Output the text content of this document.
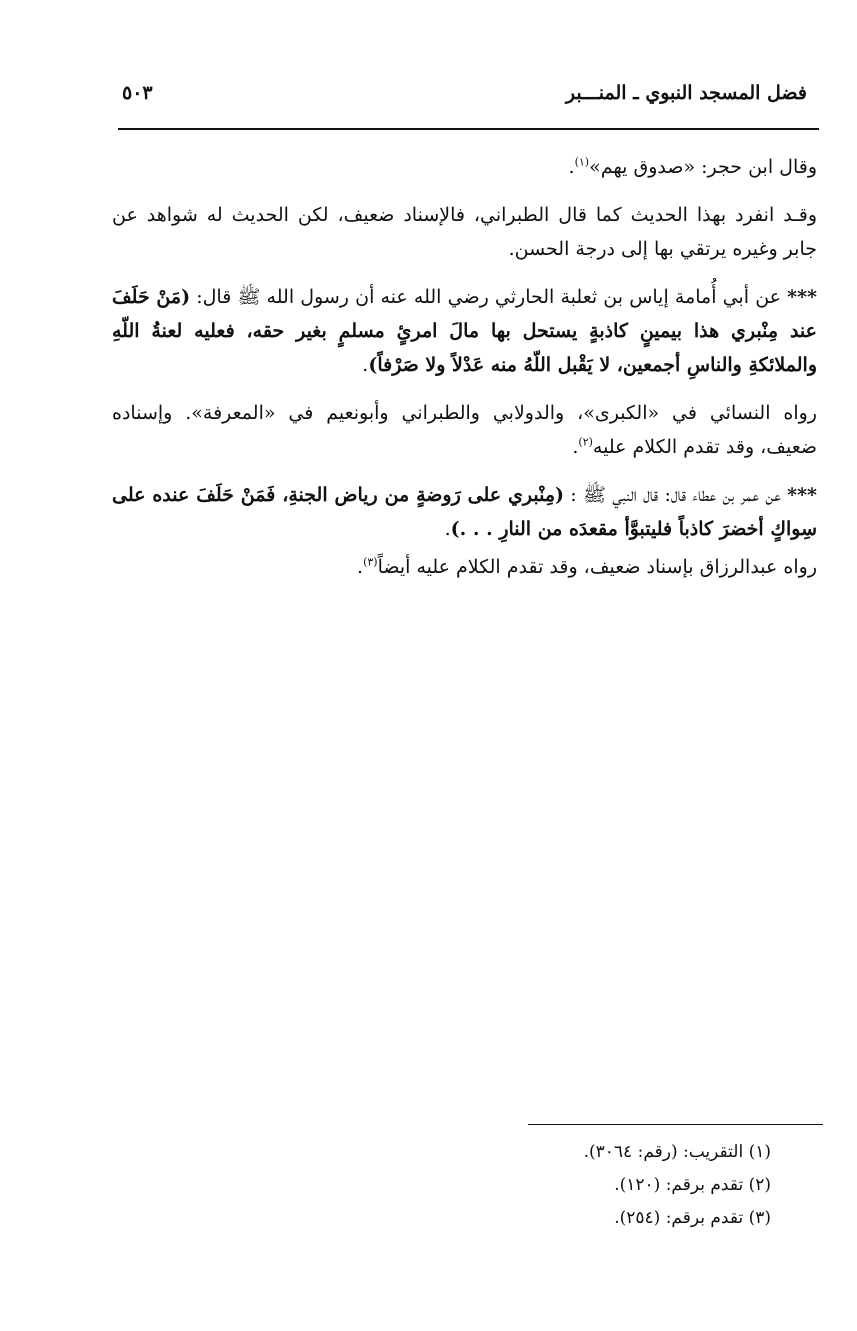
فضل المسجد النبوي ـ المنـــبر
٥٠٣

وقال ابن حجر: «صدوق يهم»$^{(١)}$.

وقـد انفرد بهذا الحديث كما قال الطبراني، فالإسناد ضعيف، لكن الحديث له شواهد عن جابر وغيره يرتقي بها إلى درجة الحسن.

*** عن أبي أُمامة إياس بن ثعلبة الحارثي رضي الله عنه أن رسول الله ﷺ قال: (مَنْ حَلَفَ عند مِنْبري هذا بيمينٍ كاذبةٍ يستحل بها مالَ امرئٍ مسلمٍ بغير حقه، فعليه لعنةُ اللّهِ والملائكةِ والناسِ أجمعين، لا يَقْبل اللّهُ منه عَدْلاً ولا صَرْفاً).

رواه النسائي في «الكبرى»، والدولابي والطبراني وأبونعيم في «المعرفة». وإسناده ضعيف، وقد تقدم الكلام عليه$^{(٢)}$.

*** عن عمر بن عطاء قال: قال النبي ﷺ : (مِنْبري على رَوضةٍ من رياض الجنةِ، فَمَنْ حَلَفَ عنده على سِواكٍ أخضرَ كاذباً فليتبوَّأ مقعدَه من النارِ . . .).

رواه عبدالرزاق بإسناد ضعيف، وقد تقدم الكلام عليه أيضاً$^{(٣)}$.

(١) التقريب: (رقم: ٣٠٦٤).
(٢) تقدم برقم: (١٢٠).
(٣) تقدم برقم: (٢٥٤).
